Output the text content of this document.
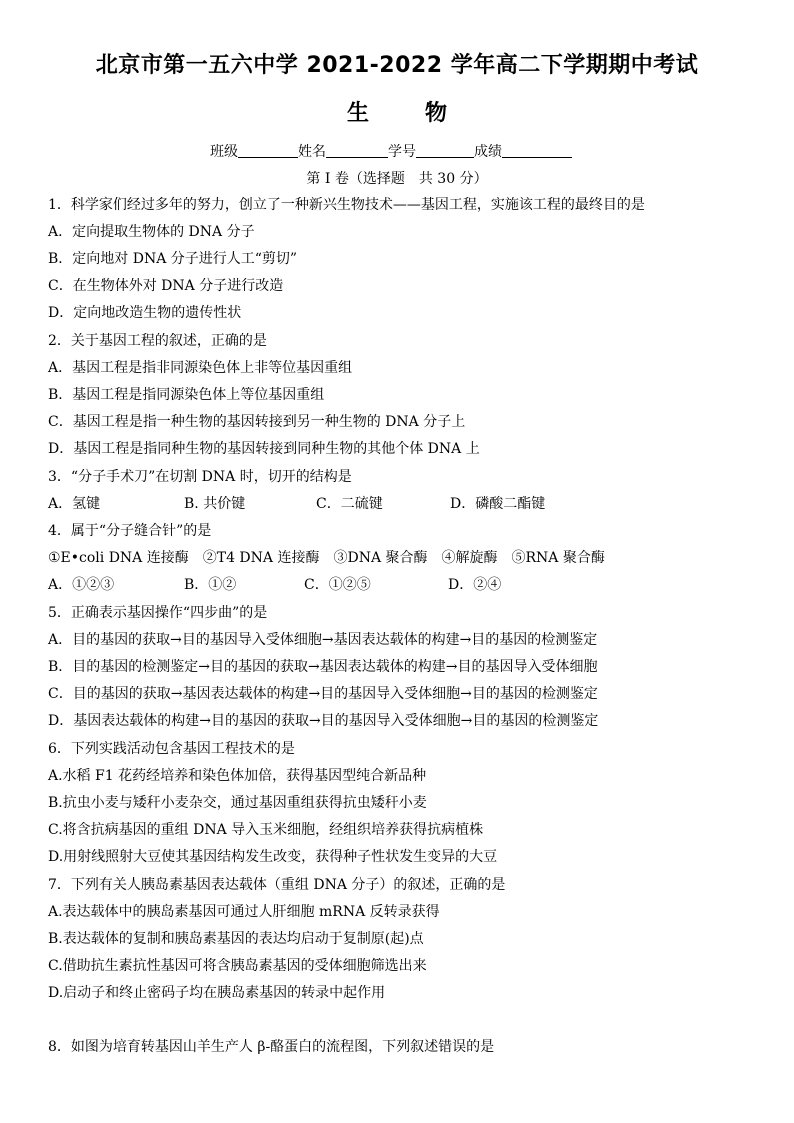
北京市第一五六中学 2021-2022 学年高二下学期期中考试
生	物
班级	姓名	学号	成绩
第 I 卷（选择题　共 30 分）
1．科学家们经过多年的努力，创立了一种新兴生物技术——基因工程，实施该工程的最终目的是
A．定向提取生物体的 DNA 分子
B．定向地对 DNA 分子进行人工“剪切”
C．在生物体外对 DNA 分子进行改造
D．定向地改造生物的遗传性状
2．关于基因工程的叙述，正确的是
A．基因工程是指非同源染色体上非等位基因重组
B．基因工程是指同源染色体上等位基因重组
C．基因工程是指一种生物的基因转接到另一种生物的 DNA 分子上
D．基因工程是指同种生物的基因转接到同种生物的其他个体 DNA 上
3．“分子手术刀”在切割 DNA 时，切开的结构是
A．氢键	B. 共价键	C．二硫键	D．磷酸二酯键
4．属于“分子缝合针”的是
①E•coli DNA 连接酶　②T4 DNA 连接酶　③DNA 聚合酶　④解旋酶　⑤RNA 聚合酶
A．①②③	B．①②	C．①②⑤	D．②④
5．正确表示基因操作“四步曲”的是
A．目的基因的获取→目的基因导入受体细胞→基因表达载体的构建→目的基因的检测鉴定
B．目的基因的检测鉴定→目的基因的获取→基因表达载体的构建→目的基因导入受体细胞
C．目的基因的获取→基因表达载体的构建→目的基因导入受体细胞→目的基因的检测鉴定
D．基因表达载体的构建→目的基因的获取→目的基因导入受体细胞→目的基因的检测鉴定
6．下列实践活动包含基因工程技术的是
A.水稻 F1 花药经培养和染色体加倍，获得基因型纯合新品种
B.抗虫小麦与矮秆小麦杂交，通过基因重组获得抗虫矮秆小麦
C.将含抗病基因的重组 DNA 导入玉米细胞，经组织培养获得抗病植株
D.用射线照射大豆使其基因结构发生改变，获得种子性状发生变异的大豆
7．下列有关人胰岛素基因表达载体（重组 DNA 分子）的叙述，正确的是
A.表达载体中的胰岛素基因可通过人肝细胞 mRNA 反转录获得
B.表达载体的复制和胰岛素基因的表达均启动于复制原(起)点
C.借助抗生素抗性基因可将含胰岛素基因的受体细胞筛选出来
D.启动子和终止密码子均在胰岛素基因的转录中起作用
8．如图为培育转基因山羊生产人 β-酪蛋白的流程图，下列叙述错误的是
